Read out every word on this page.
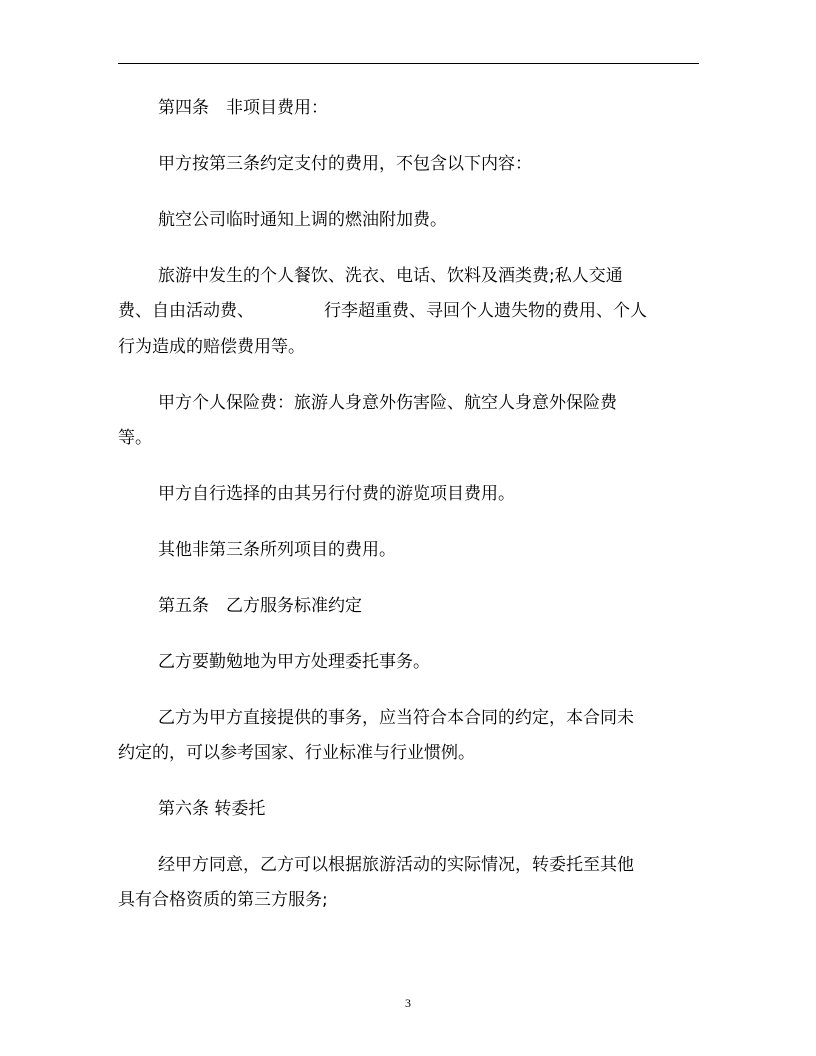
第四条　非项目费用：

甲方按第三条约定支付的费用，不包含以下内容：

航空公司临时通知上调的燃油附加费。

旅游中发生的个人餐饮、洗衣、电话、饮料及酒类费;私人交通

费、自由活动费、	行李超重费、寻回个人遗失物的费用、个人

行为造成的赔偿费用等。

甲方个人保险费：旅游人身意外伤害险、航空人身意外保险费

等。

甲方自行选择的由其另行付费的游览项目费用。

其他非第三条所列项目的费用。

第五条　乙方服务标准约定

乙方要勤勉地为甲方处理委托事务。

乙方为甲方直接提供的事务，应当符合本合同的约定，本合同未

约定的，可以参考国家、行业标准与行业惯例。

第六条 转委托

经甲方同意，乙方可以根据旅游活动的实际情况，转委托至其他

具有合格资质的第三方服务;

3
